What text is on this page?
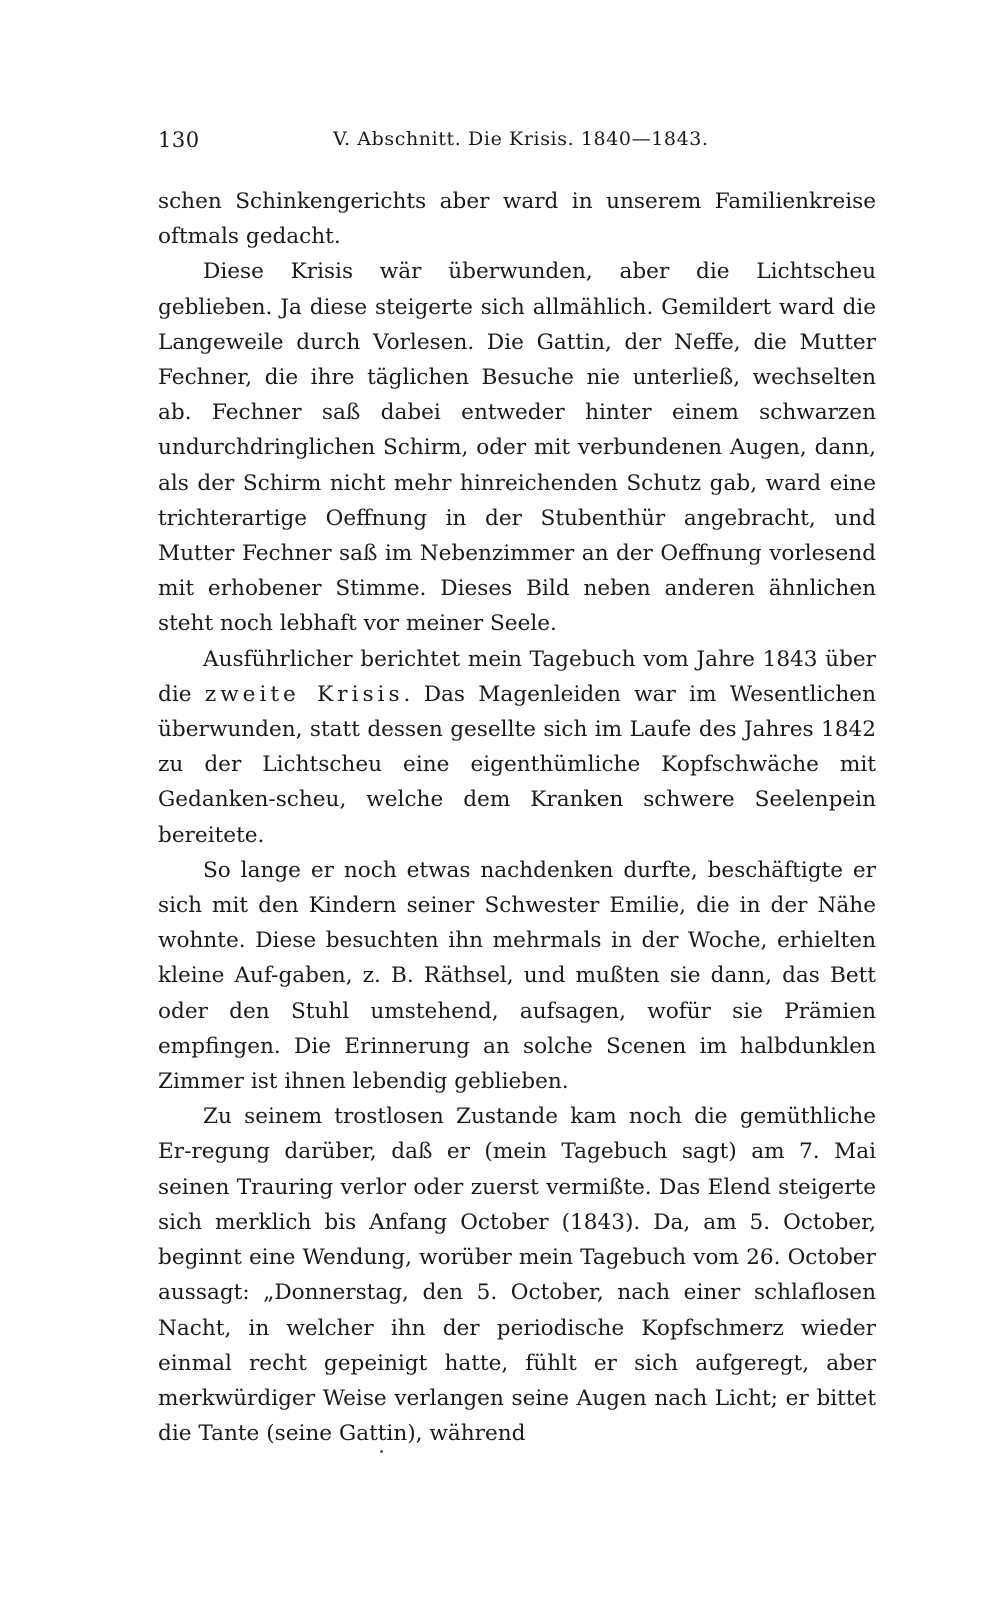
130	V. Abschnitt. Die Krisis. 1840—1843.

schen Schinkengerichts aber ward in unserem Familienkreise oftmals gedacht.

Diese Krisis wär überwunden, aber die Lichtscheu geblieben. Ja diese steigerte sich allmählich. Gemildert ward die Langeweile durch Vorlesen. Die Gattin, der Neffe, die Mutter Fechner, die ihre täglichen Besuche nie unterließ, wechselten ab. Fechner saß dabei entweder hinter einem schwarzen undurchdringlichen Schirm, oder mit verbundenen Augen, dann, als der Schirm nicht mehr hinreichenden Schutz gab, ward eine trichterartige Oeffnung in der Stubenthür angebracht, und Mutter Fechner saß im Nebenzimmer an der Oeffnung vorlesend mit erhobener Stimme. Dieses Bild neben anderen ähnlichen steht noch lebhaft vor meiner Seele.

Ausführlicher berichtet mein Tagebuch vom Jahre 1843 über die zweite Krisis. Das Magenleiden war im Wesentlichen überwunden, statt dessen gesellte sich im Laufe des Jahres 1842 zu der Lichtscheu eine eigenthümliche Kopfschwäche mit Gedanken-scheu, welche dem Kranken schwere Seelenpein bereitete.

So lange er noch etwas nachdenken durfte, beschäftigte er sich mit den Kindern seiner Schwester Emilie, die in der Nähe wohnte. Diese besuchten ihn mehrmals in der Woche, erhielten kleine Auf-gaben, z. B. Räthsel, und mußten sie dann, das Bett oder den Stuhl umstehend, aufsagen, wofür sie Prämien empfingen. Die Erinnerung an solche Scenen im halbdunklen Zimmer ist ihnen lebendig geblieben.

Zu seinem trostlosen Zustande kam noch die gemüthliche Er-regung darüber, daß er (mein Tagebuch sagt) am 7. Mai seinen Trauring verlor oder zuerst vermißte. Das Elend steigerte sich merklich bis Anfang October (1843). Da, am 5. October, beginnt eine Wendung, worüber mein Tagebuch vom 26. October aussagt: „Donnerstag, den 5. October, nach einer schlaflosen Nacht, in welcher ihn der periodische Kopfschmerz wieder einmal recht gepeinigt hatte, fühlt er sich aufgeregt, aber merkwürdiger Weise verlangen seine Augen nach Licht; er bittet die Tante (seine Gattin), während
